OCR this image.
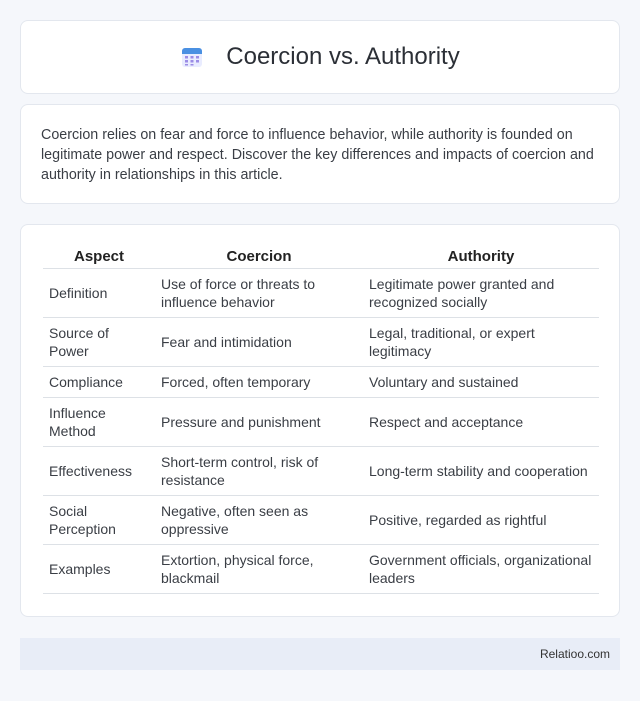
Coercion vs. Authority

Coercion relies on fear and force to influence behavior, while authority is founded on legitimate power and respect. Discover the key differences and impacts of coercion and authority in relationships in this article.

Aspect	Coercion	Authority
Definition	Use of force or threats to influence behavior	Legitimate power granted and recognized socially
Source of Power	Fear and intimidation	Legal, traditional, or expert legitimacy
Compliance	Forced, often temporary	Voluntary and sustained
Influence Method	Pressure and punishment	Respect and acceptance
Effectiveness	Short-term control, risk of resistance	Long-term stability and cooperation
Social Perception	Negative, often seen as oppressive	Positive, regarded as rightful
Examples	Extortion, physical force, blackmail	Government officials, organizational leaders
Relatioo.com
